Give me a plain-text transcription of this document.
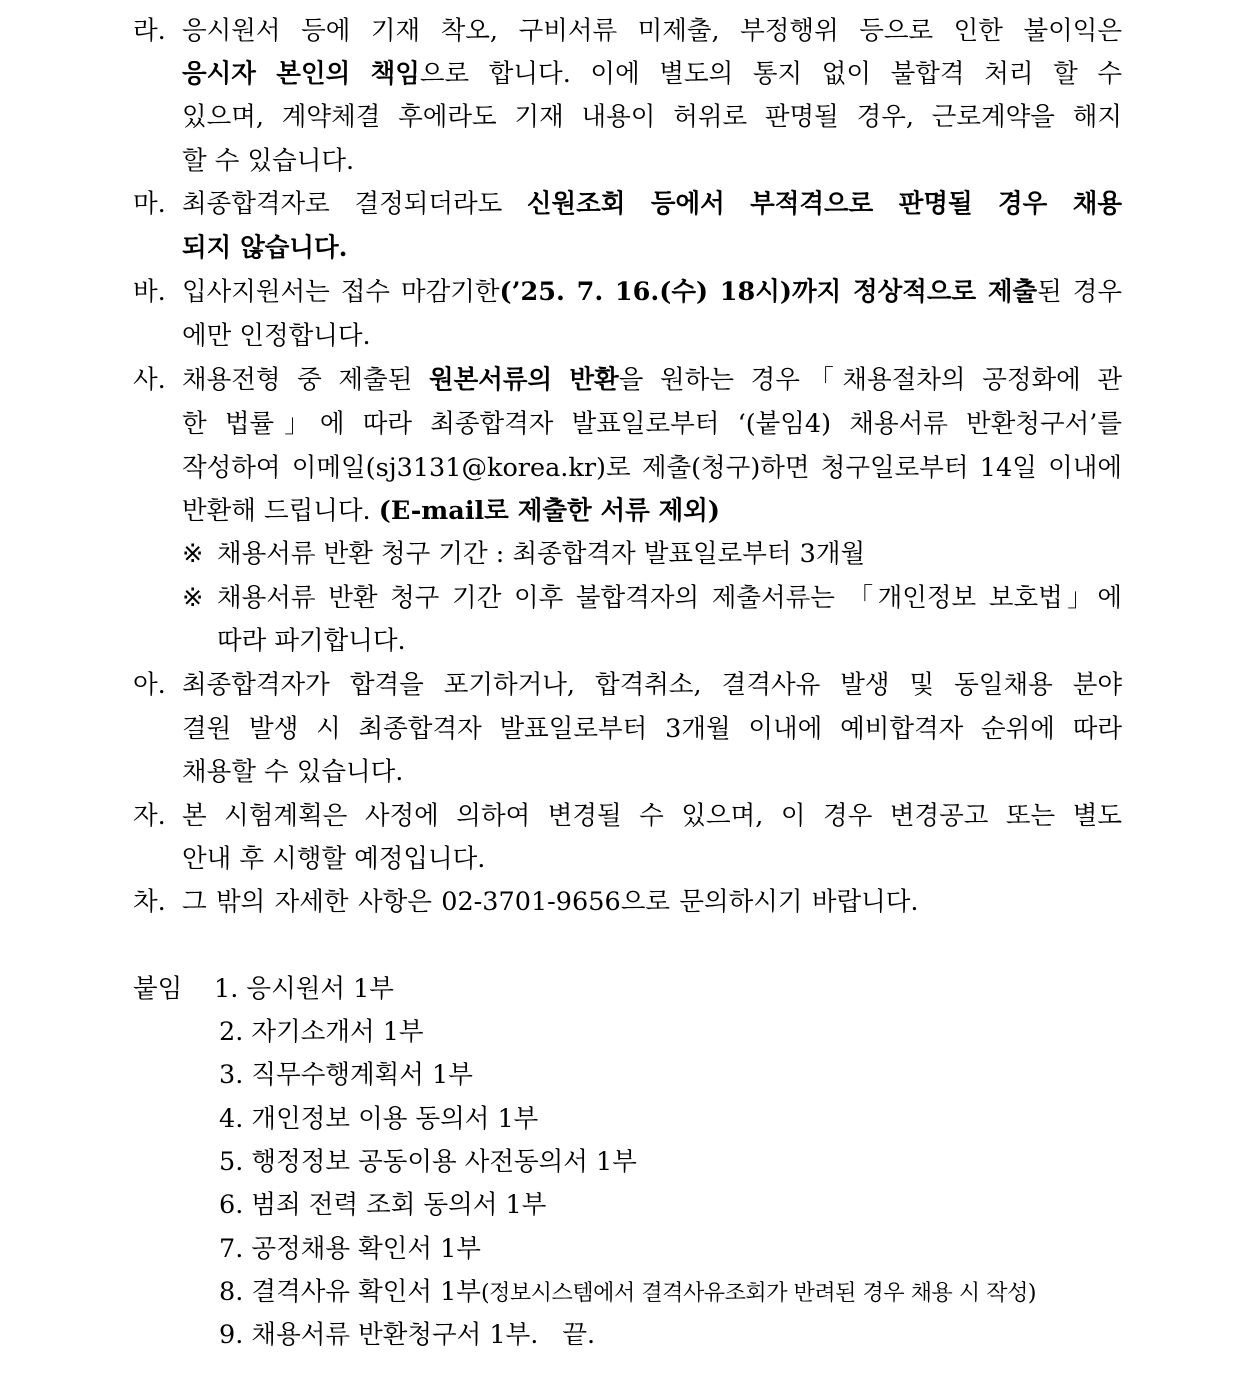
라. 응시원서 등에 기재 착오, 구비서류 미제출, 부정행위 등으로 인한 불이익은
응시자 본인의 책임으로 합니다. 이에 별도의 통지 없이 불합격 처리 할 수
있으며, 계약체결 후에라도 기재 내용이 허위로 판명될 경우, 근로계약을 해지
할 수 있습니다.
마. 최종합격자로 결정되더라도 신원조회 등에서 부적격으로 판명될 경우 채용
되지 않습니다.
바. 입사지원서는 접수 마감기한(’25. 7. 16.(수) 18시)까지 정상적으로 제출된 경우
에만 인정합니다.
사. 채용전형 중 제출된 원본서류의 반환을 원하는 경우「채용절차의 공정화에 관
한 법률」에 따라 최종합격자 발표일로부터 ‘(붙임4) 채용서류 반환청구서’를
작성하여 이메일(sj3131@korea.kr)로 제출(청구)하면 청구일로부터 14일 이내에
반환해 드립니다. (E-mail로 제출한 서류 제외)
※ 채용서류 반환 청구 기간 : 최종합격자 발표일로부터 3개월
※ 채용서류 반환 청구 기간 이후 불합격자의 제출서류는 「개인정보 보호법」에
따라 파기합니다.
아. 최종합격자가 합격을 포기하거나, 합격취소, 결격사유 발생 및 동일채용 분야
결원 발생 시 최종합격자 발표일로부터 3개월 이내에 예비합격자 순위에 따라
채용할 수 있습니다.
자. 본 시험계획은 사정에 의하여 변경될 수 있으며, 이 경우 변경공고 또는 별도
안내 후 시행할 예정입니다.
차. 그 밖의 자세한 사항은 02-3701-9656으로 문의하시기 바랍니다.
붙임 1. 응시원서 1부
2. 자기소개서 1부
3. 직무수행계획서 1부
4. 개인정보 이용 동의서 1부
5. 행정정보 공동이용 사전동의서 1부
6. 범죄 전력 조회 동의서 1부
7. 공정채용 확인서 1부
8. 결격사유 확인서 1부(정보시스템에서 결격사유조회가 반려된 경우 채용 시 작성)
9. 채용서류 반환청구서 1부. 끝.
